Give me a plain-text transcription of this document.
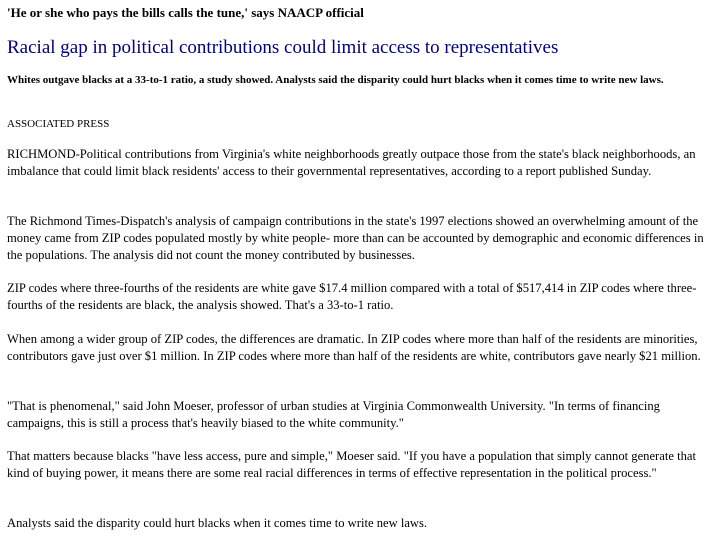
'He or she who pays the bills calls the tune,' says NAACP official
Racial gap in political contributions could limit access to representatives
Whites outgave blacks at a 33-to-1 ratio, a study showed. Analysts said the disparity could hurt blacks when it comes time to write new laws.
ASSOCIATED PRESS
RICHMOND-Political contributions from Virginia's white neighborhoods greatly outpace those from the state's black neighborhoods, an imbalance that could limit black residents' access to their governmental representatives, according to a report published Sunday.
The Richmond Times-Dispatch's analysis of campaign contributions in the state's 1997 elections showed an overwhelming amount of the money came from ZIP codes populated mostly by white people- more than can be accounted by demographic and economic differences in the populations. The analysis did not count the money contributed by businesses.
ZIP codes where three-fourths of the residents are white gave $17.4 million compared with a total of $517,414 in ZIP codes where three-fourths of the residents are black, the analysis showed. That's a 33-to-1 ratio.
When among a wider group of ZIP codes, the differences are dramatic. In ZIP codes where more than half of the residents are minorities, contributors gave just over $1 million. In ZIP codes where more than half of the residents are white, contributors gave nearly $21 million.
"That is phenomenal," said John Moeser, professor of urban studies at Virginia Commonwealth University. "In terms of financing campaigns, this is still a process that's heavily biased to the white community."
That matters because blacks "have less access, pure and simple," Moeser said. "If you have a population that simply cannot generate that kind of buying power, it means there are some real racial differences in terms of effective representation in the political process."
Analysts said the disparity could hurt blacks when it comes time to write new laws.
